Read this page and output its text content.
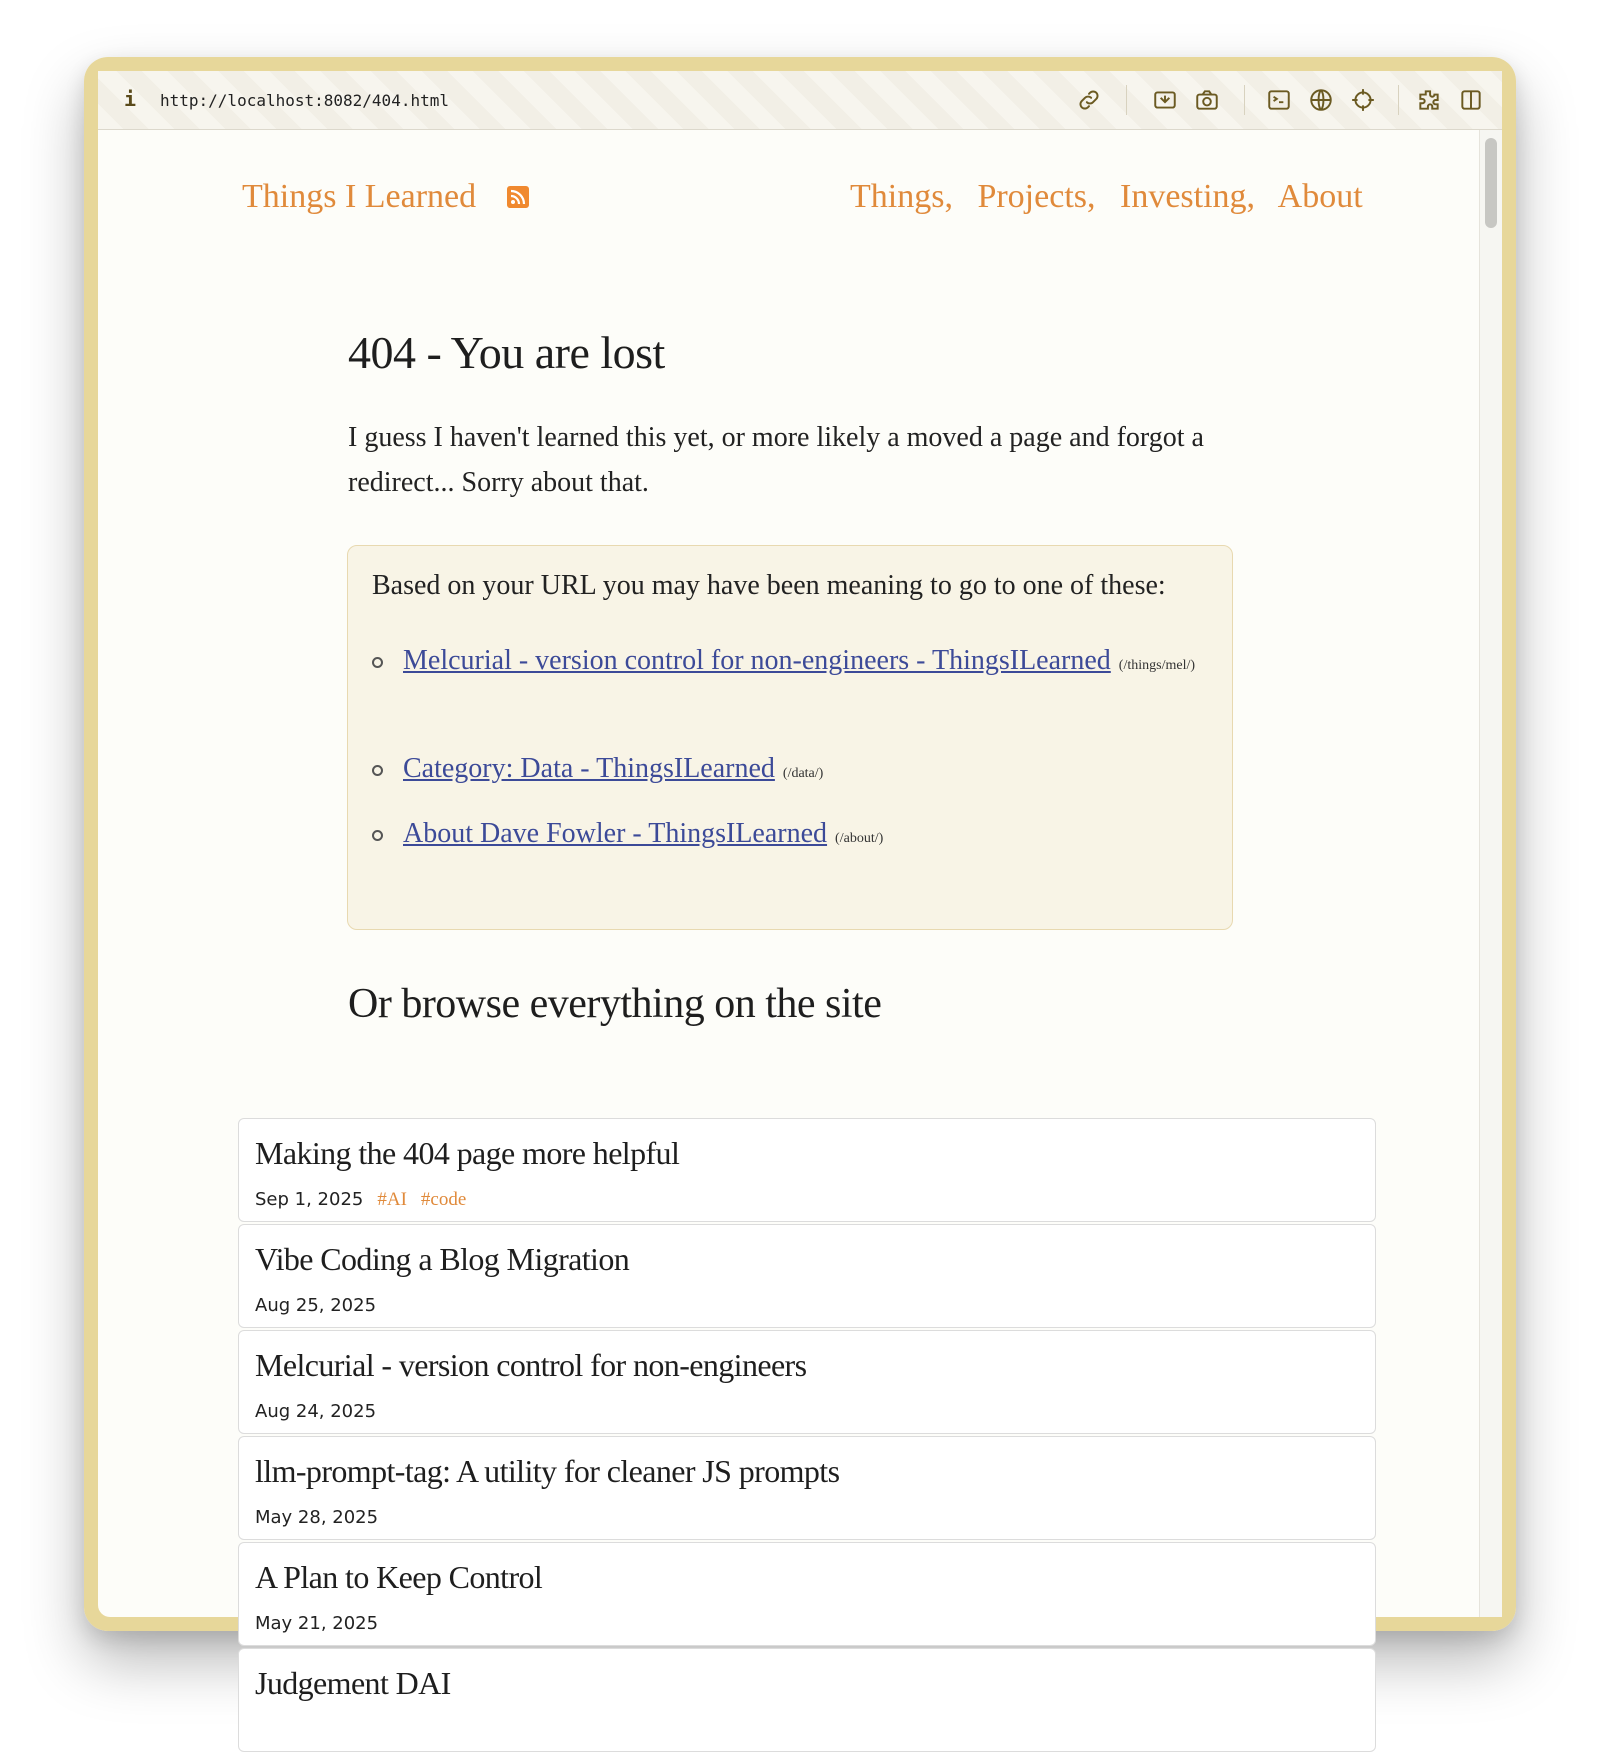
i http://localhost:8082/404.html
Things I Learned	Things, Projects, Investing, About
404 - You are lost

I guess I haven't learned this yet, or more likely a moved a page and forgot a redirect... Sorry about that.

Based on your URL you may have been meaning to go to one of these:
Melcurial - version control for non-engineers - ThingsILearned (/things/mel/)
Category: Data - ThingsILearned (/data/)
About Dave Fowler - ThingsILearned (/about/)
Or browse everything on the site
Making the 404 page more helpful
Sep 1, 2025 #AI #code
Vibe Coding a Blog Migration
Aug 25, 2025
Melcurial - version control for non-engineers
Aug 24, 2025
llm-prompt-tag: A utility for cleaner JS prompts
May 28, 2025
A Plan to Keep Control
May 21, 2025
Judgement DAI
